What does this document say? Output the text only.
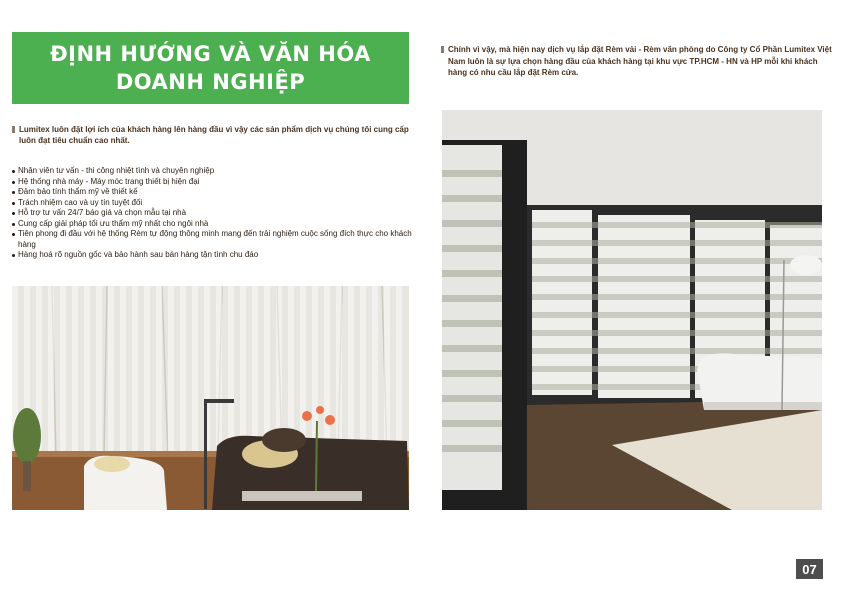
ĐỊNH HƯỚNG VÀ VĂN HÓA
DOANH NGHIỆP
Lumitex luôn đặt lợi ích của khách hàng lên hàng đầu vì vậy các sản phẩm dịch vụ chúng tôi cung cấp luôn đạt tiêu chuẩn cao nhất.
Nhân viên tư vấn - thi công nhiệt tình và chuyên nghiệp
Hệ thống nhà máy - Máy móc trang thiết bị hiện đại
Đảm bảo tính thẩm mỹ về thiết kế
Trách nhiệm cao và uy tín tuyệt đối
Hỗ trợ tư vấn 24/7 báo giá và chọn mẫu tại nhà
Cung cấp giải pháp tối ưu thẩm mỹ nhất cho ngôi nhà
Tiên phong đi đầu với hệ thống Rèm tự động thông minh mang đến trải nghiệm cuộc sống đích thực cho khách hàng
Hàng hoá rõ nguồn gốc và bảo hành sau bán hàng tận tình chu đáo
Chính vì vậy, mà hiện nay dịch vụ lắp đặt Rèm vải - Rèm văn phòng do Công ty Cổ Phần Lumitex Việt Nam luôn là sự lựa chọn hàng đầu của khách hàng tại khu vực TP.HCM - HN và HP mỗi khi khách hàng có nhu cầu lắp đặt Rèm cửa.
07
